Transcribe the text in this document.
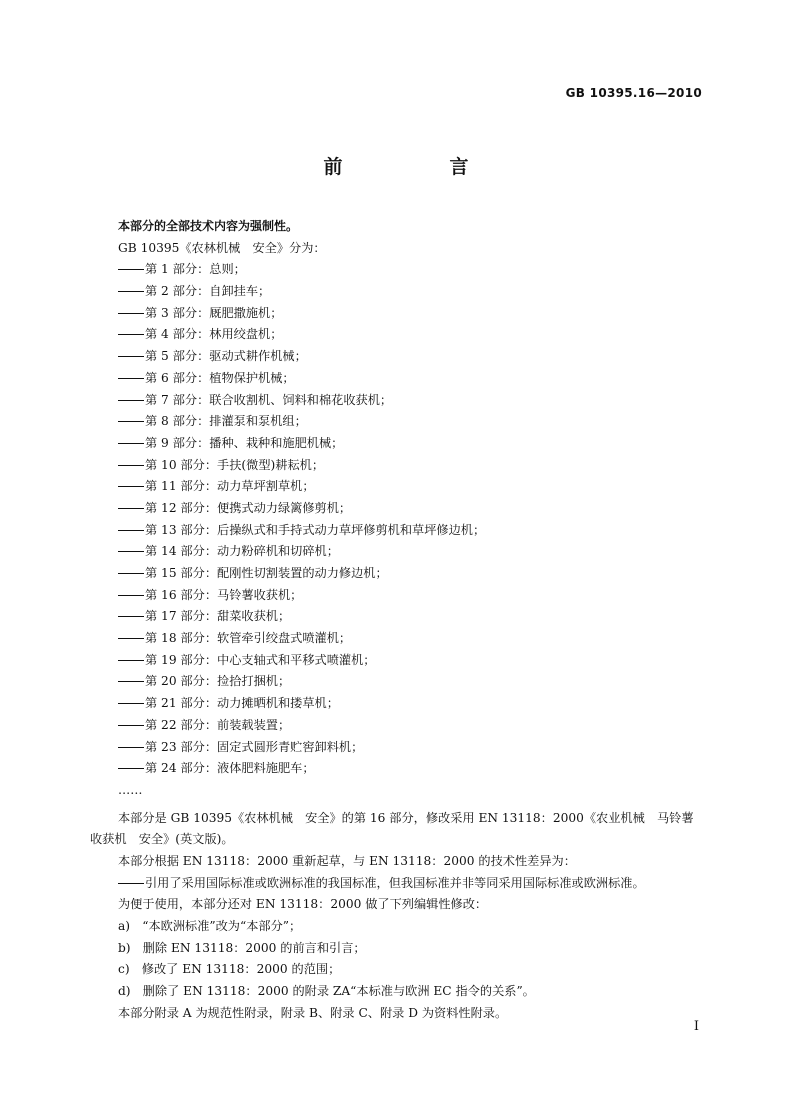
GB 10395.16—2010
前　言
本部分的全部技术内容为强制性。
GB 10395《农林机械　安全》分为：
第 1 部分：总则；
第 2 部分：自卸挂车；
第 3 部分：厩肥撒施机；
第 4 部分：林用绞盘机；
第 5 部分：驱动式耕作机械；
第 6 部分：植物保护机械；
第 7 部分：联合收割机、饲料和棉花收获机；
第 8 部分：排灌泵和泵机组；
第 9 部分：播种、栽种和施肥机械；
第 10 部分：手扶(微型)耕耘机；
第 11 部分：动力草坪割草机；
第 12 部分：便携式动力绿篱修剪机；
第 13 部分：后操纵式和手持式动力草坪修剪机和草坪修边机；
第 14 部分：动力粉碎机和切碎机；
第 15 部分：配刚性切割装置的动力修边机；
第 16 部分：马铃薯收获机；
第 17 部分：甜菜收获机；
第 18 部分：软管牵引绞盘式喷灌机；
第 19 部分：中心支轴式和平移式喷灌机；
第 20 部分：捡拾打捆机；
第 21 部分：动力摊晒机和搂草机；
第 22 部分：前装载装置；
第 23 部分：固定式圆形青贮窖卸料机；
第 24 部分：液体肥料施肥车；
……
本部分是 GB 10395《农林机械　安全》的第 16 部分，修改采用 EN 13118：2000《农业机械　马铃薯
收获机　安全》(英文版)。
本部分根据 EN 13118：2000 重新起草，与 EN 13118：2000 的技术性差异为：
引用了采用国际标准或欧洲标准的我国标准，但我国标准并非等同采用国际标准或欧洲标准。
为便于使用，本部分还对 EN 13118：2000 做了下列编辑性修改：
a)　 “本欧洲标准”改为“本部分”；
b)　 删除 EN 13118：2000 的前言和引言；
c)　 修改了 EN 13118：2000 的范围；
d)　 删除了 EN 13118：2000 的附录 ZA“本标准与欧洲 EC 指令的关系”。
本部分附录 A 为规范性附录，附录 B、附录 C、附录 D 为资料性附录。
I
